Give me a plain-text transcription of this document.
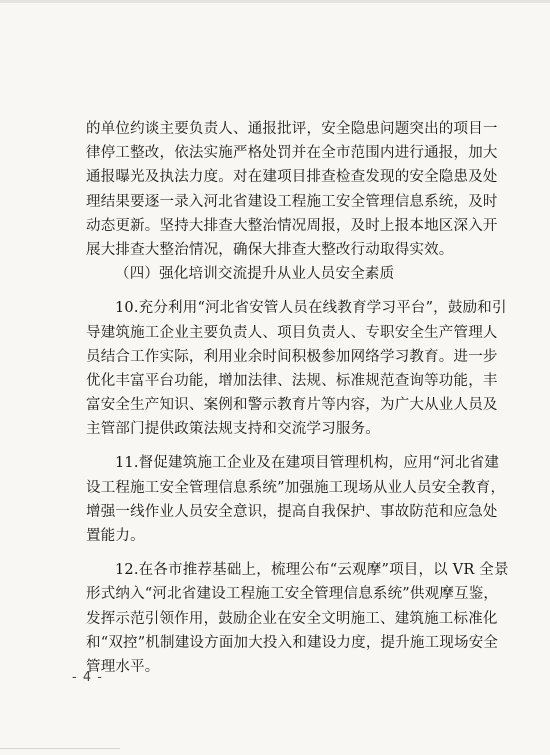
的单位约谈主要负责人、通报批评，安全隐患问题突出的项目一
律停工整改，依法实施严格处罚并在全市范围内进行通报，加大
通报曝光及执法力度。对在建项目排查检查发现的安全隐患及处
理结果要逐一录入河北省建设工程施工安全管理信息系统，及时
动态更新。坚持大排查大整治情况周报，及时上报本地区深入开
展大排查大整治情况，确保大排查大整改行动取得实效。

（四）强化培训交流提升从业人员安全素质

10.充分利用“河北省安管人员在线教育学习平台”，鼓励和引
导建筑施工企业主要负责人、项目负责人、专职安全生产管理人
员结合工作实际，利用业余时间积极参加网络学习教育。进一步
优化丰富平台功能，增加法律、法规、标准规范查询等功能，丰
富安全生产知识、案例和警示教育片等内容，为广大从业人员及
主管部门提供政策法规支持和交流学习服务。

11.督促建筑施工企业及在建项目管理机构，应用“河北省建
设工程施工安全管理信息系统”加强施工现场从业人员安全教育，
增强一线作业人员安全意识，提高自我保护、事故防范和应急处
置能力。

12.在各市推荐基础上，梳理公布“云观摩”项目，以 VR 全景
形式纳入“河北省建设工程施工安全管理信息系统”供观摩互鉴，
发挥示范引领作用，鼓励企业在安全文明施工、建筑施工标准化
和“双控”机制建设方面加大投入和建设力度，提升施工现场安全
管理水平。

- 4 -
